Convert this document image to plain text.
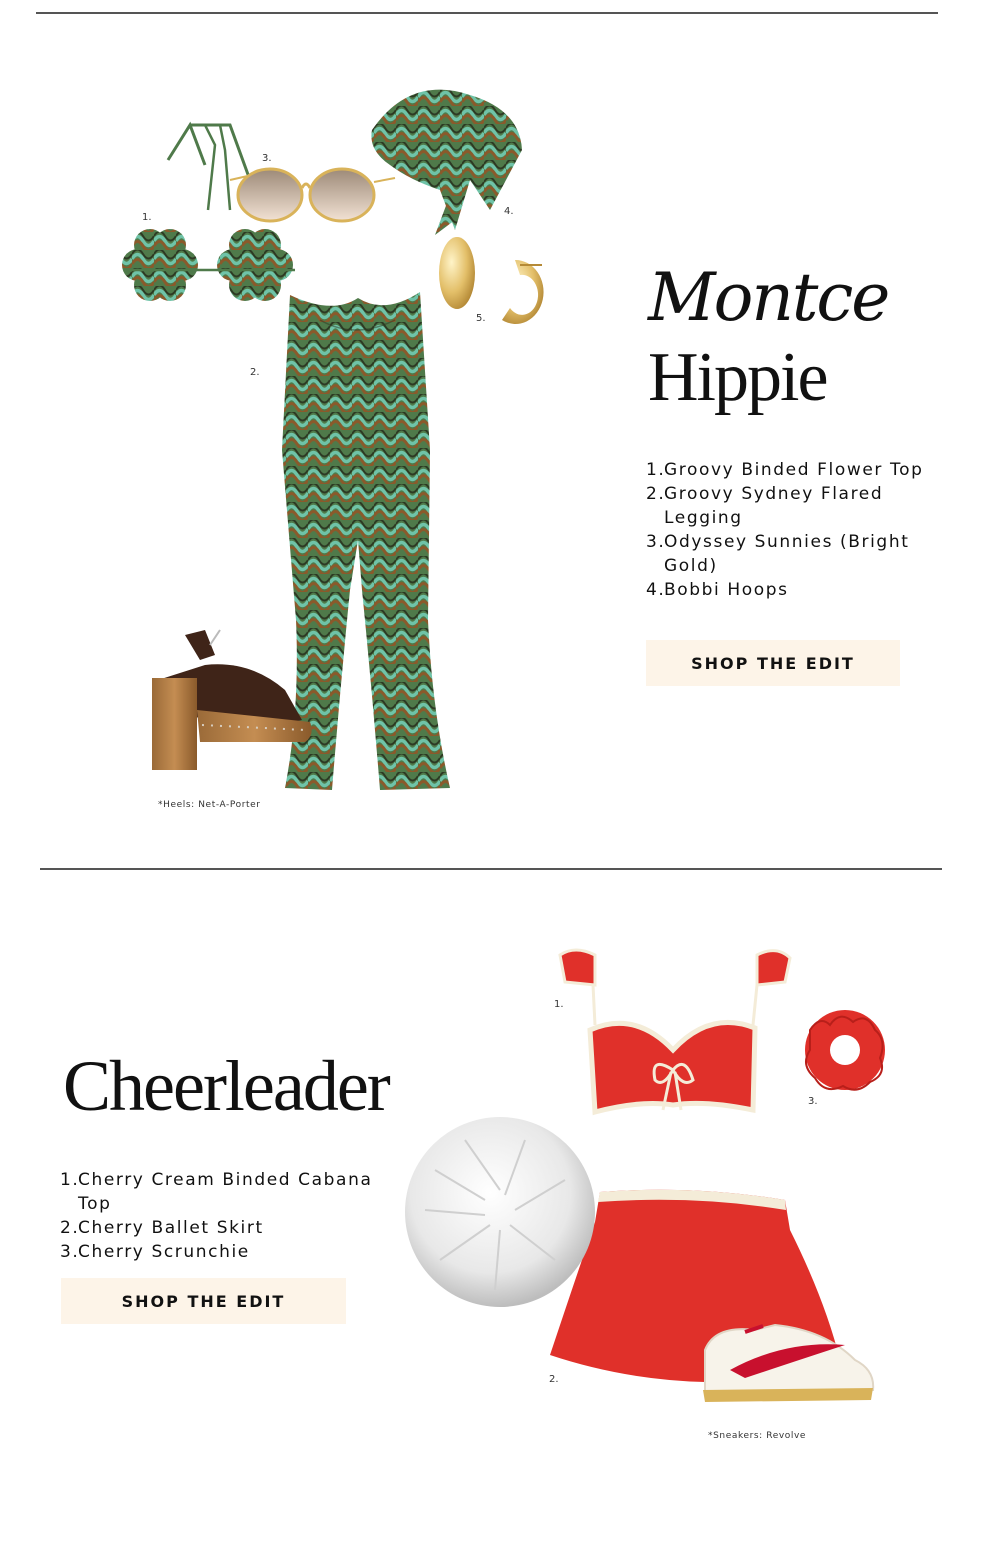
1.
2.
3.
4.
5.
*Heels: Net-A-Porter
Montce
Hippie
1.
Groovy Binded Flower Top
2.
Groovy Sydney Flared Legging
3.
Odyssey Sunnies (Bright Gold)
4.
Bobbi Hoops
SHOP THE EDIT
Cheerleader
1.
Cherry Cream Binded Cabana Top
2.
Cherry Ballet Skirt
3.
Cherry Scrunchie
SHOP THE EDIT
1.
2.
3.
*Sneakers: Revolve
